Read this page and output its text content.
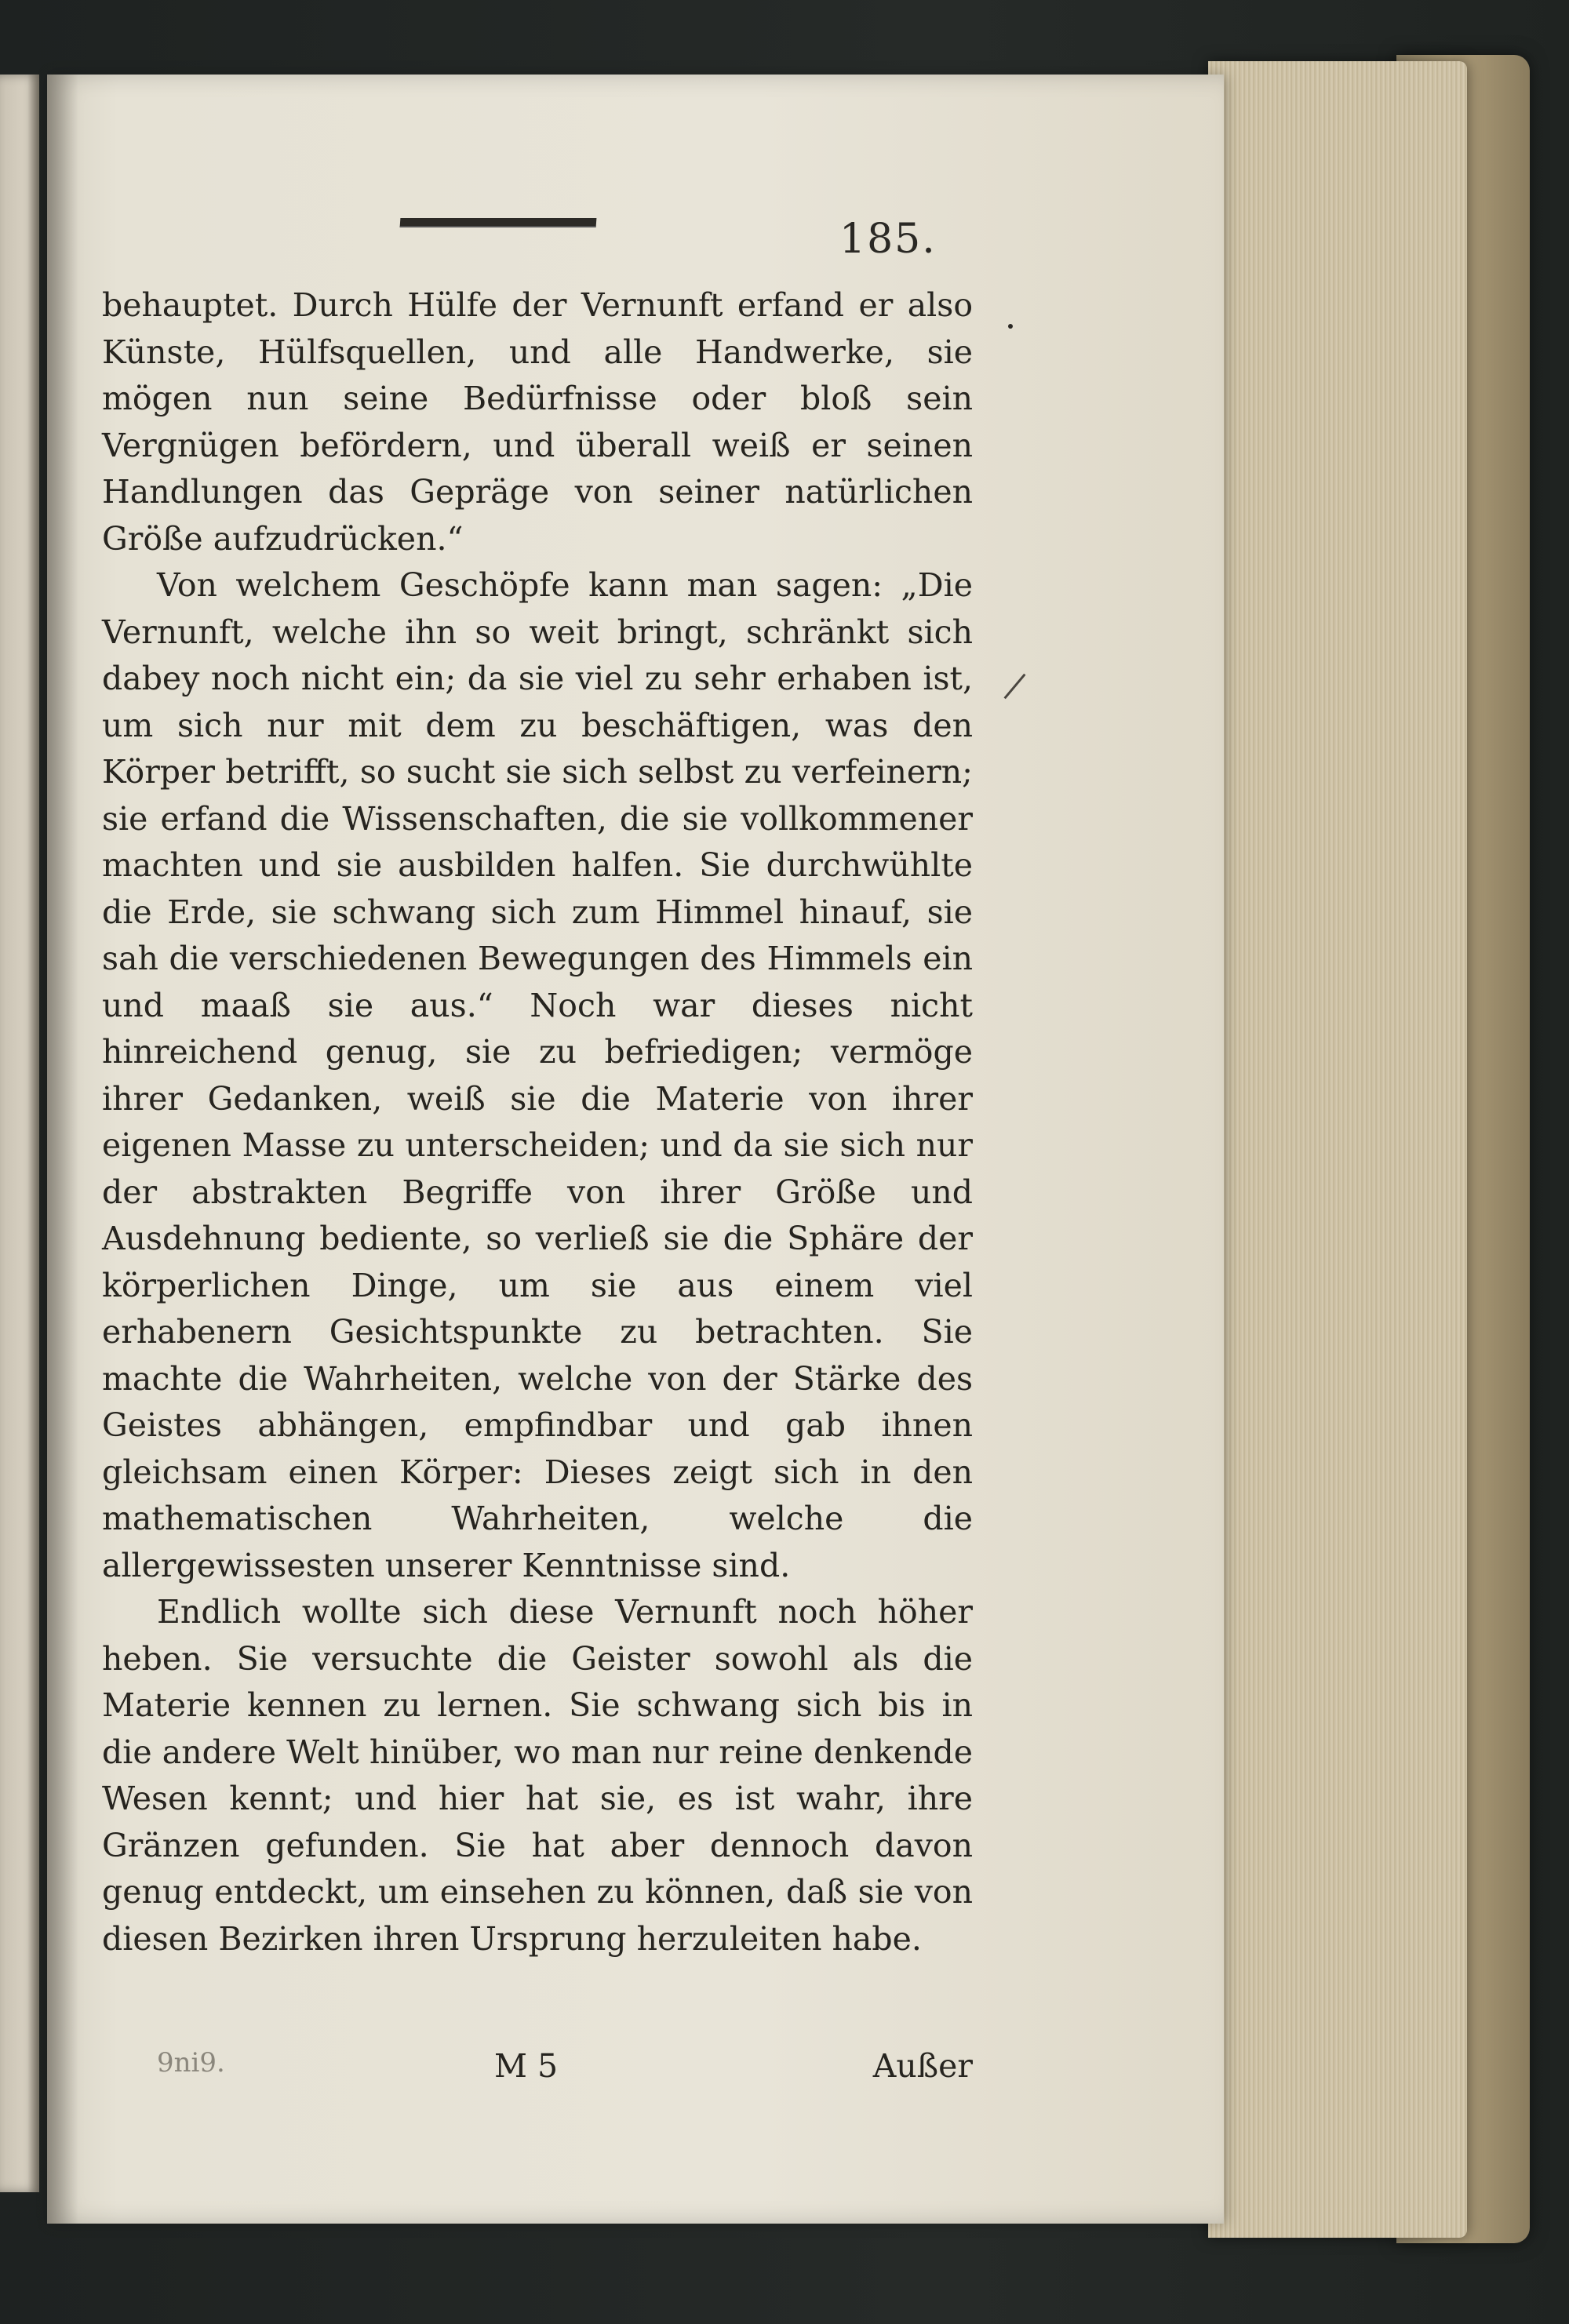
185.

behauptet. Durch Hülfe der Vernunft erfand er also Künste, Hülfsquellen, und alle Handwerke, sie mögen nun seine Bedürfnisse oder bloß sein Vergnügen befördern, und überall weiß er seinen Handlungen das Gepräge von seiner natürlichen Größe aufzudrücken.“

Von welchem Geschöpfe kann man sagen: „Die Vernunft, welche ihn so weit bringt, schränkt sich dabey noch nicht ein; da sie viel zu sehr erhaben ist, um sich nur mit dem zu beschäftigen, was den Körper betrifft, so sucht sie sich selbst zu verfeinern; sie erfand die Wissenschaften, die sie vollkommener machten und sie ausbilden halfen. Sie durchwühlte die Erde, sie schwang sich zum Himmel hinauf, sie sah die verschiedenen Bewegungen des Himmels ein und maaß sie aus.“ Noch war dieses nicht hinreichend genug, sie zu befriedigen; vermöge ihrer Gedanken, weiß sie die Materie von ihrer eigenen Masse zu unterscheiden; und da sie sich nur der abstrakten Begriffe von ihrer Größe und Ausdehnung bediente, so verließ sie die Sphäre der körperlichen Dinge, um sie aus einem viel erhabenern Gesichtspunkte zu betrachten. Sie machte die Wahrheiten, welche von der Stärke des Geistes abhängen, empfindbar und gab ihnen gleichsam einen Körper: Dieses zeigt sich in den mathematischen Wahrheiten, welche die allergewissesten unserer Kenntnisse sind.

Endlich wollte sich diese Vernunft noch höher heben. Sie versuchte die Geister sowohl als die Materie kennen zu lernen. Sie schwang sich bis in die andere Welt hinüber, wo man nur reine denkende Wesen kennt; und hier hat sie, es ist wahr, ihre Gränzen gefunden. Sie hat aber dennoch davon genug entdeckt, um einsehen zu können, daß sie von diesen Bezirken ihren Ursprung herzuleiten habe.

9ni9.	M 5	Außer
